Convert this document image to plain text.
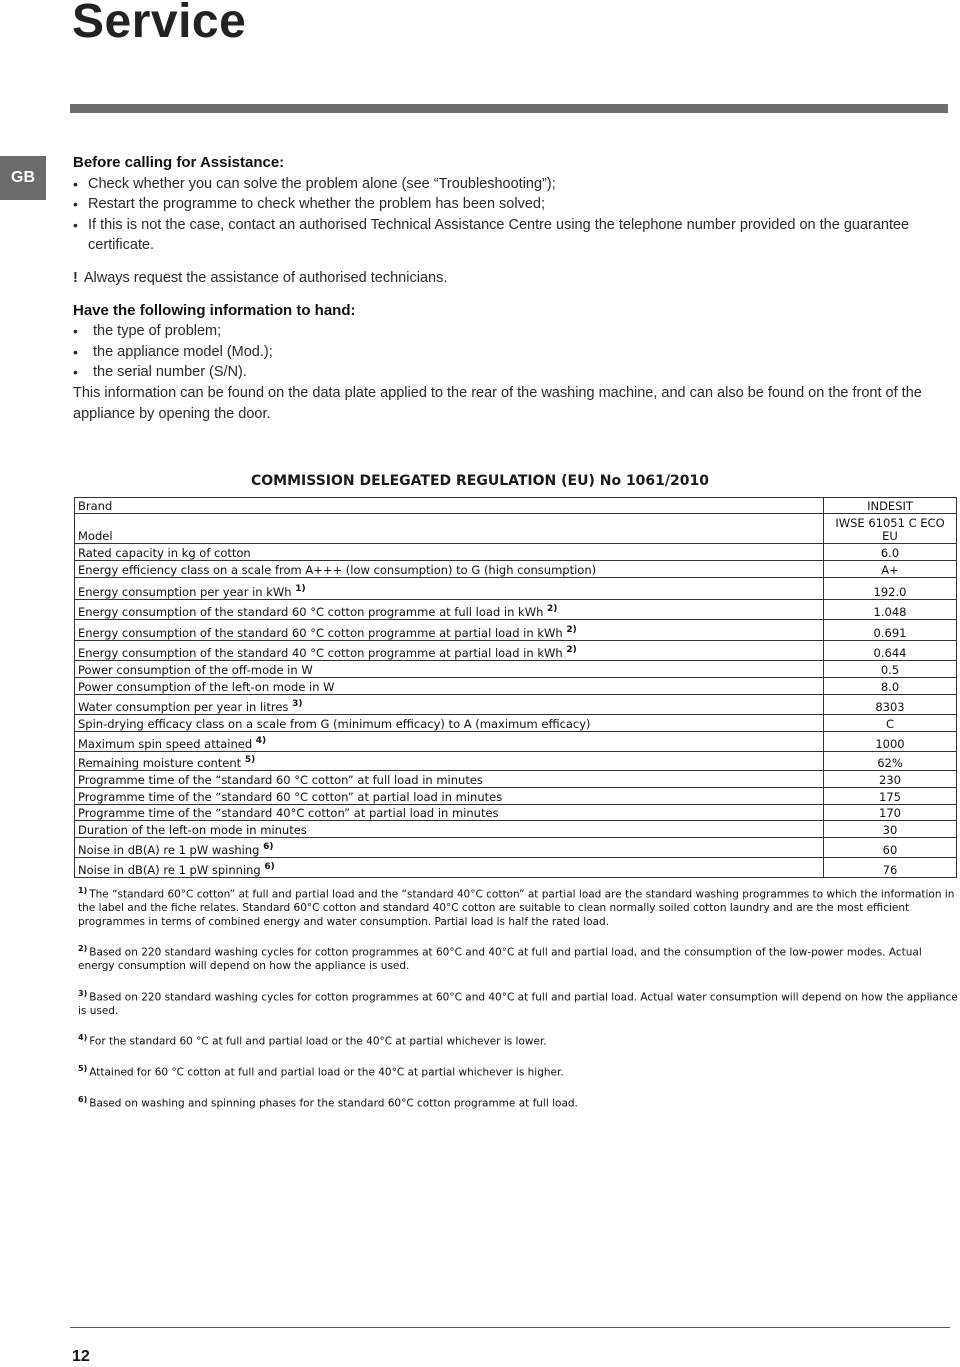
Service
GB
Before calling for Assistance:
• Check whether you can solve the problem alone (see “Troubleshooting”);
• Restart the programme to check whether the problem has been solved;
• If this is not the case, contact an authorised Technical Assistance Centre using the telephone number provided on the guarantee certificate.
! Always request the assistance of authorised technicians.
Have the following information to hand:
• the type of problem;
• the appliance model (Mod.);
• the serial number (S/N).
This information can be found on the data plate applied to the rear of the washing machine, and can also be found on the front of the appliance by opening the door.
COMMISSION DELEGATED REGULATION (EU) No 1061/2010
Brand	INDESIT
Model	IWSE 61051 C ECO EU
Rated capacity in kg of cotton	6.0
Energy efficiency class on a scale from A+++ (low consumption) to G (high consumption)	A+
Energy consumption per year in kWh $^{1)}$	192.0
Energy consumption of the standard 60 °C cotton programme at full load in kWh $^{2)}$	1.048
Energy consumption of the standard 60 °C cotton programme at partial load in kWh $^{2)}$	0.691
Energy consumption of the standard 40 °C cotton programme at partial load in kWh $^{2)}$	0.644
Power consumption of the off-mode in W	0.5
Power consumption of the left-on mode in W	8.0
Water consumption per year in litres $^{3)}$	8303
Spin-drying efficacy class on a scale from G (minimum efficacy) to A (maximum efficacy)	C
Maximum spin speed attained $^{4)}$	1000
Remaining moisture content $^{5)}$	62%
Programme time of the “standard 60 °C cotton” at full load in minutes	230
Programme time of the “standard 60 °C cotton” at partial load in minutes	175
Programme time of the “standard 40°C cotton” at partial load in minutes	170
Duration of the left-on mode in minutes	30
Noise in dB(A) re 1 pW washing $^{6)}$	60
Noise in dB(A) re 1 pW spinning $^{6)}$	76
$^{1)}$ The “standard 60°C cotton” at full and partial load and the “standard 40°C cotton” at partial load are the standard washing programmes to which the information in the label and the fiche relates. Standard 60°C cotton and standard 40°C cotton are suitable to clean normally soiled cotton laundry and are the most efficient programmes in terms of combined energy and water consumption. Partial load is half the rated load.
$^{2)}$ Based on 220 standard washing cycles for cotton programmes at 60°C and 40°C at full and partial load, and the consumption of the low-power modes. Actual energy consumption will depend on how the appliance is used.
$^{3)}$ Based on 220 standard washing cycles for cotton programmes at 60°C and 40°C at full and partial load. Actual water consumption will depend on how the appliance is used.
$^{4)}$ For the standard 60 °C at full and partial load or the 40°C at partial whichever is lower.
$^{5)}$ Attained for 60 °C cotton at full and partial load or the 40°C at partial whichever is higher.
$^{6)}$ Based on washing and spinning phases for the standard 60°C cotton programme at full load.
12
